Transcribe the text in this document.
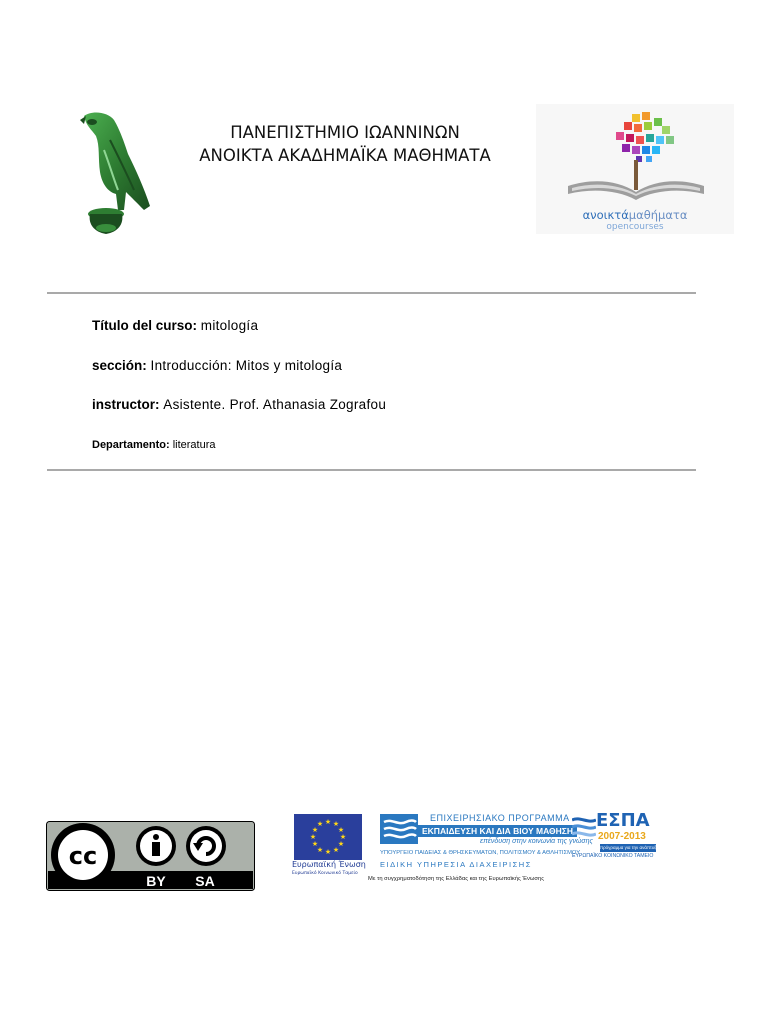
ΠΑΝΕΠΙΣΤΗΜΙΟ ΙΩΑΝΝΙΝΩΝ
ΑΝΟΙΚΤΑ ΑΚΑΔΗΜΑΪΚΑ ΜΑΘΗΜΑΤΑ
ανοικτάμαθήματα
opencourses
Título del curso: mitología
sección: Introducción: Mitos y mitología
instructor: Asistente. Prof. Athanasia Zografou
Departamento: literatura
cc
BY SA
★ ★
★
★
★
★
★
★
★
★
★
★
Ευρωπαϊκή Ένωση
Ευρωπαϊκό Κοινωνικό Ταμείο
ΕΠΙΧΕΙΡΗΣΙΑΚΟ ΠΡΟΓΡΑΜΜΑ
ΕΚΠΑΙΔΕΥΣΗ ΚΑΙ ΔΙΑ ΒΙΟΥ ΜΑΘΗΣΗ
επένδυση στην κοινωνία της γνώσης
ΥΠΟΥΡΓΕΙΟ ΠΑΙΔΕΙΑΣ & ΘΡΗΣΚΕΥΜΑΤΩΝ, ΠΟΛΙΤΙΣΜΟΥ & ΑΘΛΗΤΙΣΜΟΥ
ΕΙΔΙΚΗ ΥΠΗΡΕΣΙΑ ΔΙΑΧΕΙΡΙΣΗΣ
Με τη συγχρηματοδότηση της Ελλάδας και της Ευρωπαϊκής Ένωσης
ΕΣΠΑ
2007-2013
πρόγραμμα για την ανάπτυξη
ΕΥΡΩΠΑΪΚΟ ΚΟΙΝΩΝΙΚΟ ΤΑΜΕΙΟ
